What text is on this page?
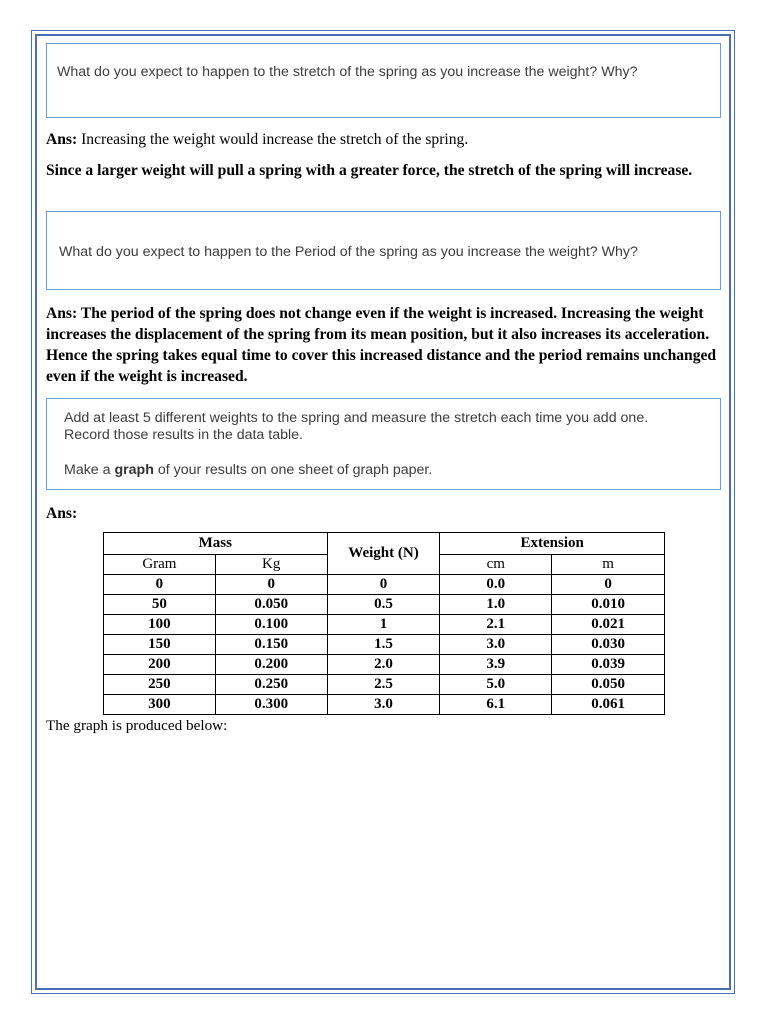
What do you expect to happen to the stretch of the spring as you increase the weight? Why?
Ans: Increasing the weight would increase the stretch of the spring.
Since a larger weight will pull a spring with a greater force, the stretch of the spring will increase.
What do you expect to happen to the Period of the spring as you increase the weight? Why?
Ans: The period of the spring does not change even if the weight is increased. Increasing the weight increases the displacement of the spring from its mean position, but it also increases its acceleration. Hence the spring takes equal time to cover this increased distance and the period remains unchanged even if the weight is increased.
Add at least 5 different weights to the spring and measure the stretch each time you add one.
Record those results in the data table.
Make a graph of your results on one sheet of graph paper.
Ans:
Mass		Weight (N)	Extension	
Gram	Kg		cm	m
0	0	0	0.0	0
50	0.050	0.5	1.0	0.010
100	0.100	1	2.1	0.021
150	0.150	1.5	3.0	0.030
200	0.200	2.0	3.9	0.039
250	0.250	2.5	5.0	0.050
300	0.300	3.0	6.1	0.061
The graph is produced below:
